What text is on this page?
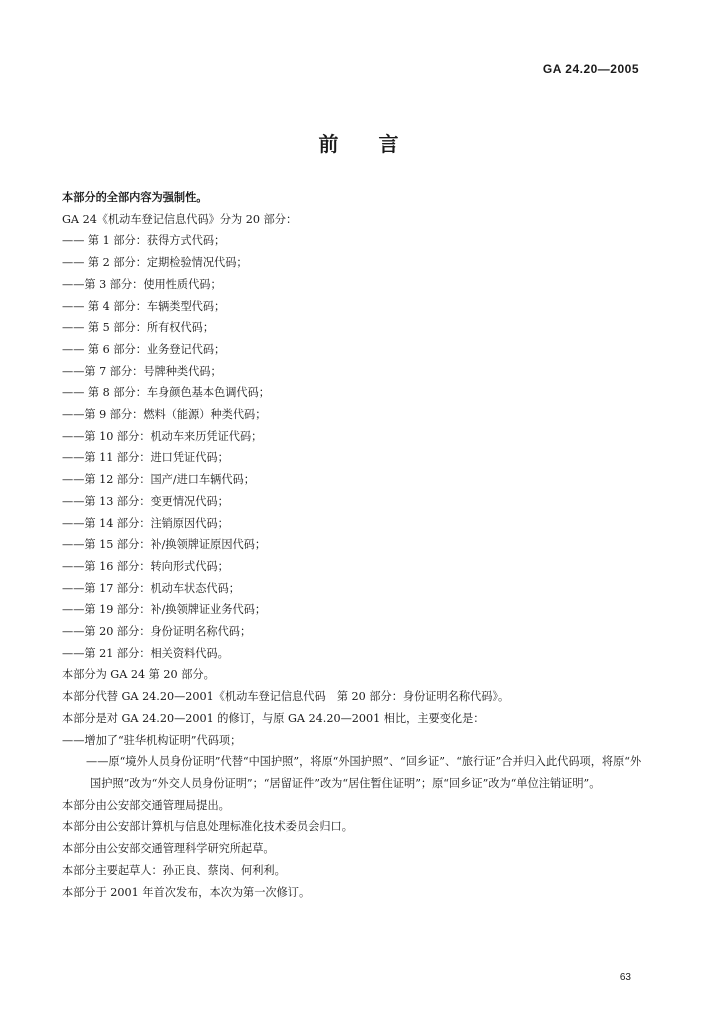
GA 24.20—2005
前言
本部分的全部内容为强制性。
GA 24《机动车登记信息代码》分为 20 部分：
—— 第 1 部分：获得方式代码；
—— 第 2 部分：定期检验情况代码；
——第 3 部分：使用性质代码；
—— 第 4 部分：车辆类型代码；
—— 第 5 部分：所有权代码；
—— 第 6 部分：业务登记代码；
——第 7 部分：号牌种类代码；
—— 第 8 部分：车身颜色基本色调代码；
——第 9 部分：燃料（能源）种类代码；
——第 10 部分：机动车来历凭证代码；
——第 11 部分：进口凭证代码；
——第 12 部分：国产/进口车辆代码；
——第 13 部分：变更情况代码；
——第 14 部分：注销原因代码；
——第 15 部分：补/换领牌证原因代码；
——第 16 部分：转向形式代码；
——第 17 部分：机动车状态代码；
——第 19 部分：补/换领牌证业务代码；
——第 20 部分：身份证明名称代码；
——第 21 部分：相关资料代码。
本部分为 GA 24 第 20 部分。
本部分代替 GA 24.20—2001《机动车登记信息代码　第 20 部分：身份证明名称代码》。
本部分是对 GA 24.20—2001 的修订，与原 GA 24.20—2001 相比，主要变化是：
——增加了“驻华机构证明”代码项；
——原“境外人员身份证明”代替“中国护照”，将原“外国护照”、“回乡证”、“旅行证”合并归入此代码项，将原“外国护照”改为“外交人员身份证明”；“居留证件”改为“居住暂住证明”；原“回乡证”改为“单位注销证明”。
本部分由公安部交通管理局提出。
本部分由公安部计算机与信息处理标准化技术委员会归口。
本部分由公安部交通管理科学研究所起草。
本部分主要起草人：孙正良、蔡岗、何利利。
本部分于 2001 年首次发布，本次为第一次修订。
63
